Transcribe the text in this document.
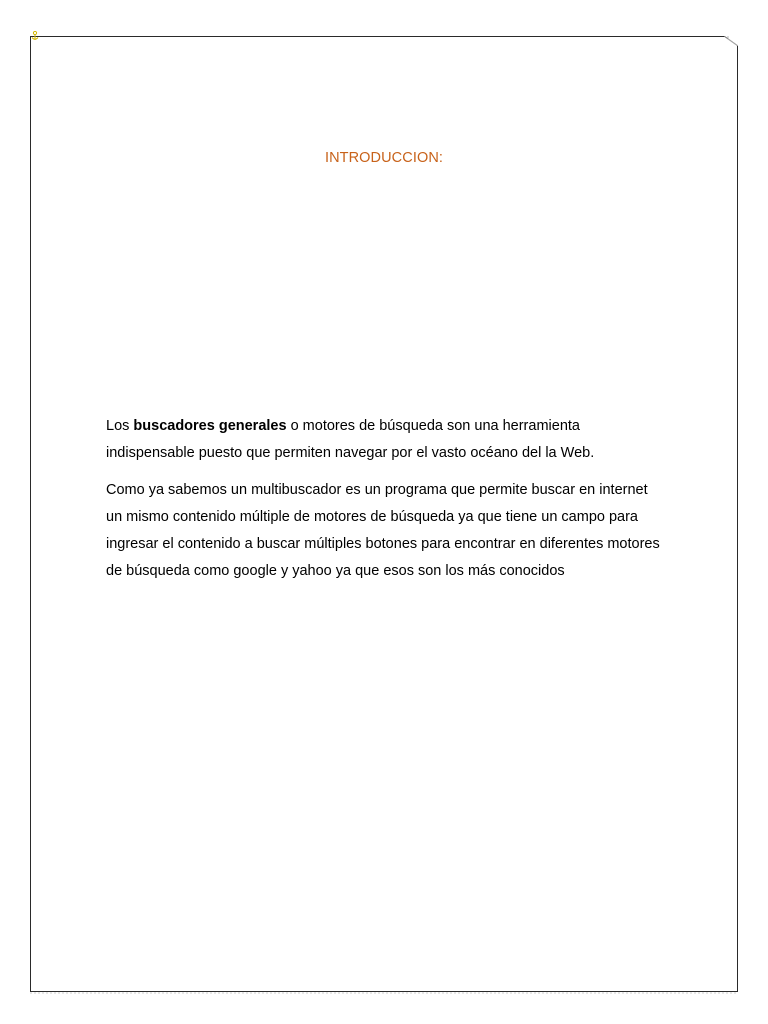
INTRODUCCION:

Los buscadores generales o motores de búsqueda son una herramienta indispensable puesto que permiten navegar por el vasto océano del la Web.

Como ya sabemos un multibuscador es un programa que permite buscar en internet un mismo contenido múltiple de motores de búsqueda ya que tiene un campo para ingresar el contenido a buscar múltiples botones para encontrar en diferentes motores de búsqueda como google y yahoo ya que esos son los más conocidos
